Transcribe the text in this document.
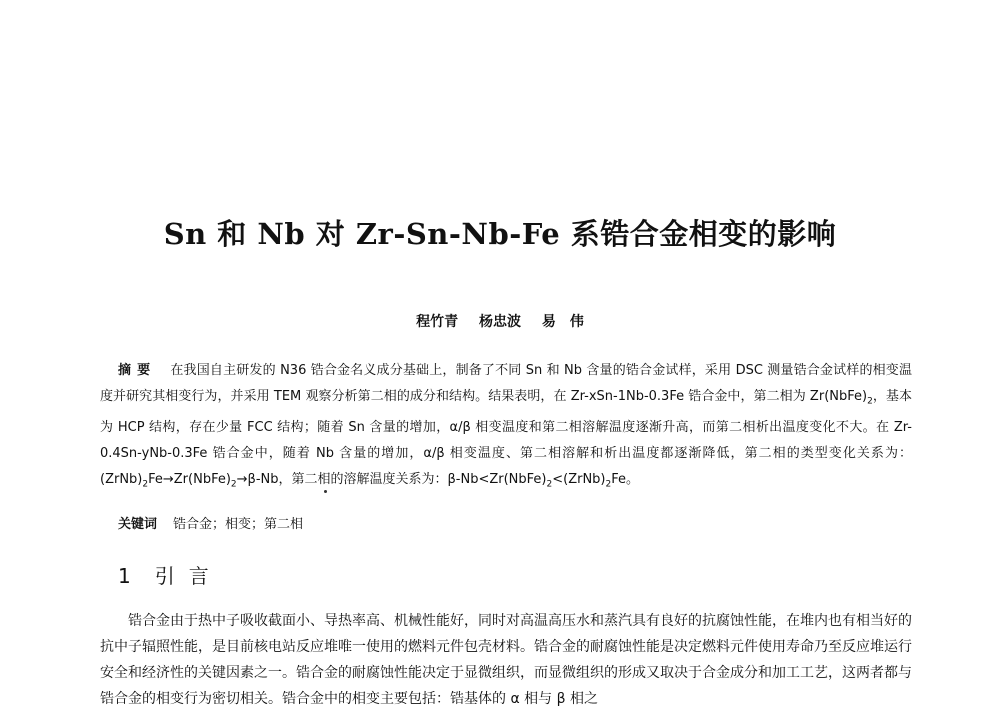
Sn 和 Nb 对 Zr-Sn-Nb-Fe 系锆合金相变的影响
程竹青 杨忠波 易　伟
摘要 在我国自主研发的 N36 锆合金名义成分基础上，制备了不同 Sn 和 Nb 含量的锆合金试样，采用 DSC 测量锆合金试样的相变温度并研究其相变行为，并采用 TEM 观察分析第二相的成分和结构。结果表明，在 Zr-xSn-1Nb-0.3Fe 锆合金中，第二相为 $Zr(NbFe)_2$，基本为 HCP 结构，存在少量 FCC 结构；随着 Sn 含量的增加，α/β 相变温度和第二相溶解温度逐渐升高，而第二相析出温度变化不大。在 Zr-0.4Sn-yNb-0.3Fe 锆合金中，随着 Nb 含量的增加，α/β 相变温度、第二相溶解和析出温度都逐渐降低，第二相的类型变化关系为：$(ZrNb)_2Fe\to Zr(NbFe)_2\to\beta-Nb$，第二相的溶解温度关系为：$\beta-Nb<Zr(NbFe)_2<(ZrNb)_2Fe$。
关键词 锆合金；相变；第二相
1 引言

锆合金由于热中子吸收截面小、导热率高、机械性能好，同时对高温高压水和蒸汽具有良好的抗腐蚀性能，在堆内也有相当好的抗中子辐照性能，是目前核电站反应堆唯一使用的燃料元件包壳材料。锆合金的耐腐蚀性能是决定燃料元件使用寿命乃至反应堆运行安全和经济性的关键因素之一。锆合金的耐腐蚀性能决定于显微组织，而显微组织的形成又取决于合金成分和加工工艺，这两者都与锆合金的相变行为密切相关。锆合金中的相变主要包括：锆基体的 α 相与 β 相之
